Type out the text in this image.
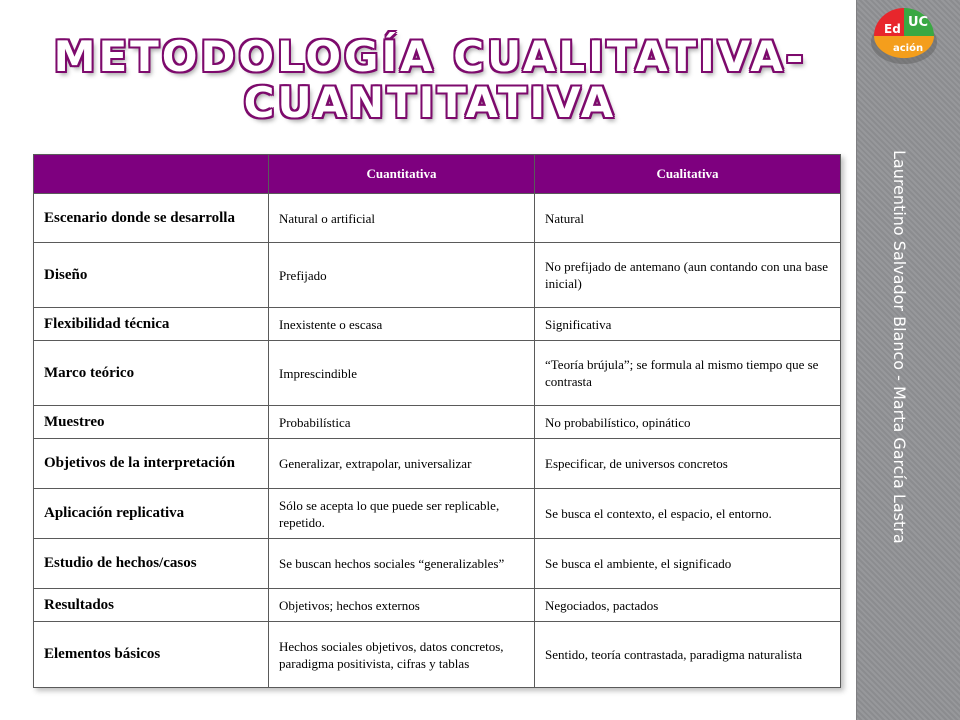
METODOLOGÍA CUALITATIVA-
CUANTITATIVA
Laurentino Salvador Blanco - Marta García Lastra
Ed UC
ación
	Cuantitativa	Cualitativa
Escenario donde se desarrolla	Natural o artificial	Natural
Diseño	Prefijado	No prefijado de antemano (aun contando con una base inicial)
Flexibilidad técnica	Inexistente o escasa	Significativa
Marco teórico	Imprescindible	“Teoría brújula”; se formula al mismo tiempo que se contrasta
Muestreo	Probabilística	No probabilístico, opinático
Objetivos de la interpretación	Generalizar, extrapolar, universalizar	Especificar, de universos concretos
Aplicación replicativa	Sólo se acepta lo que puede ser replicable, repetido.	Se busca el contexto, el espacio, el entorno.
Estudio de hechos/casos	Se buscan hechos sociales “generalizables”	Se busca el ambiente, el significado
Resultados	Objetivos; hechos externos	Negociados, pactados
Elementos básicos	Hechos sociales objetivos, datos concretos, paradigma positivista, cifras y tablas	Sentido, teoría contrastada, paradigma naturalista
